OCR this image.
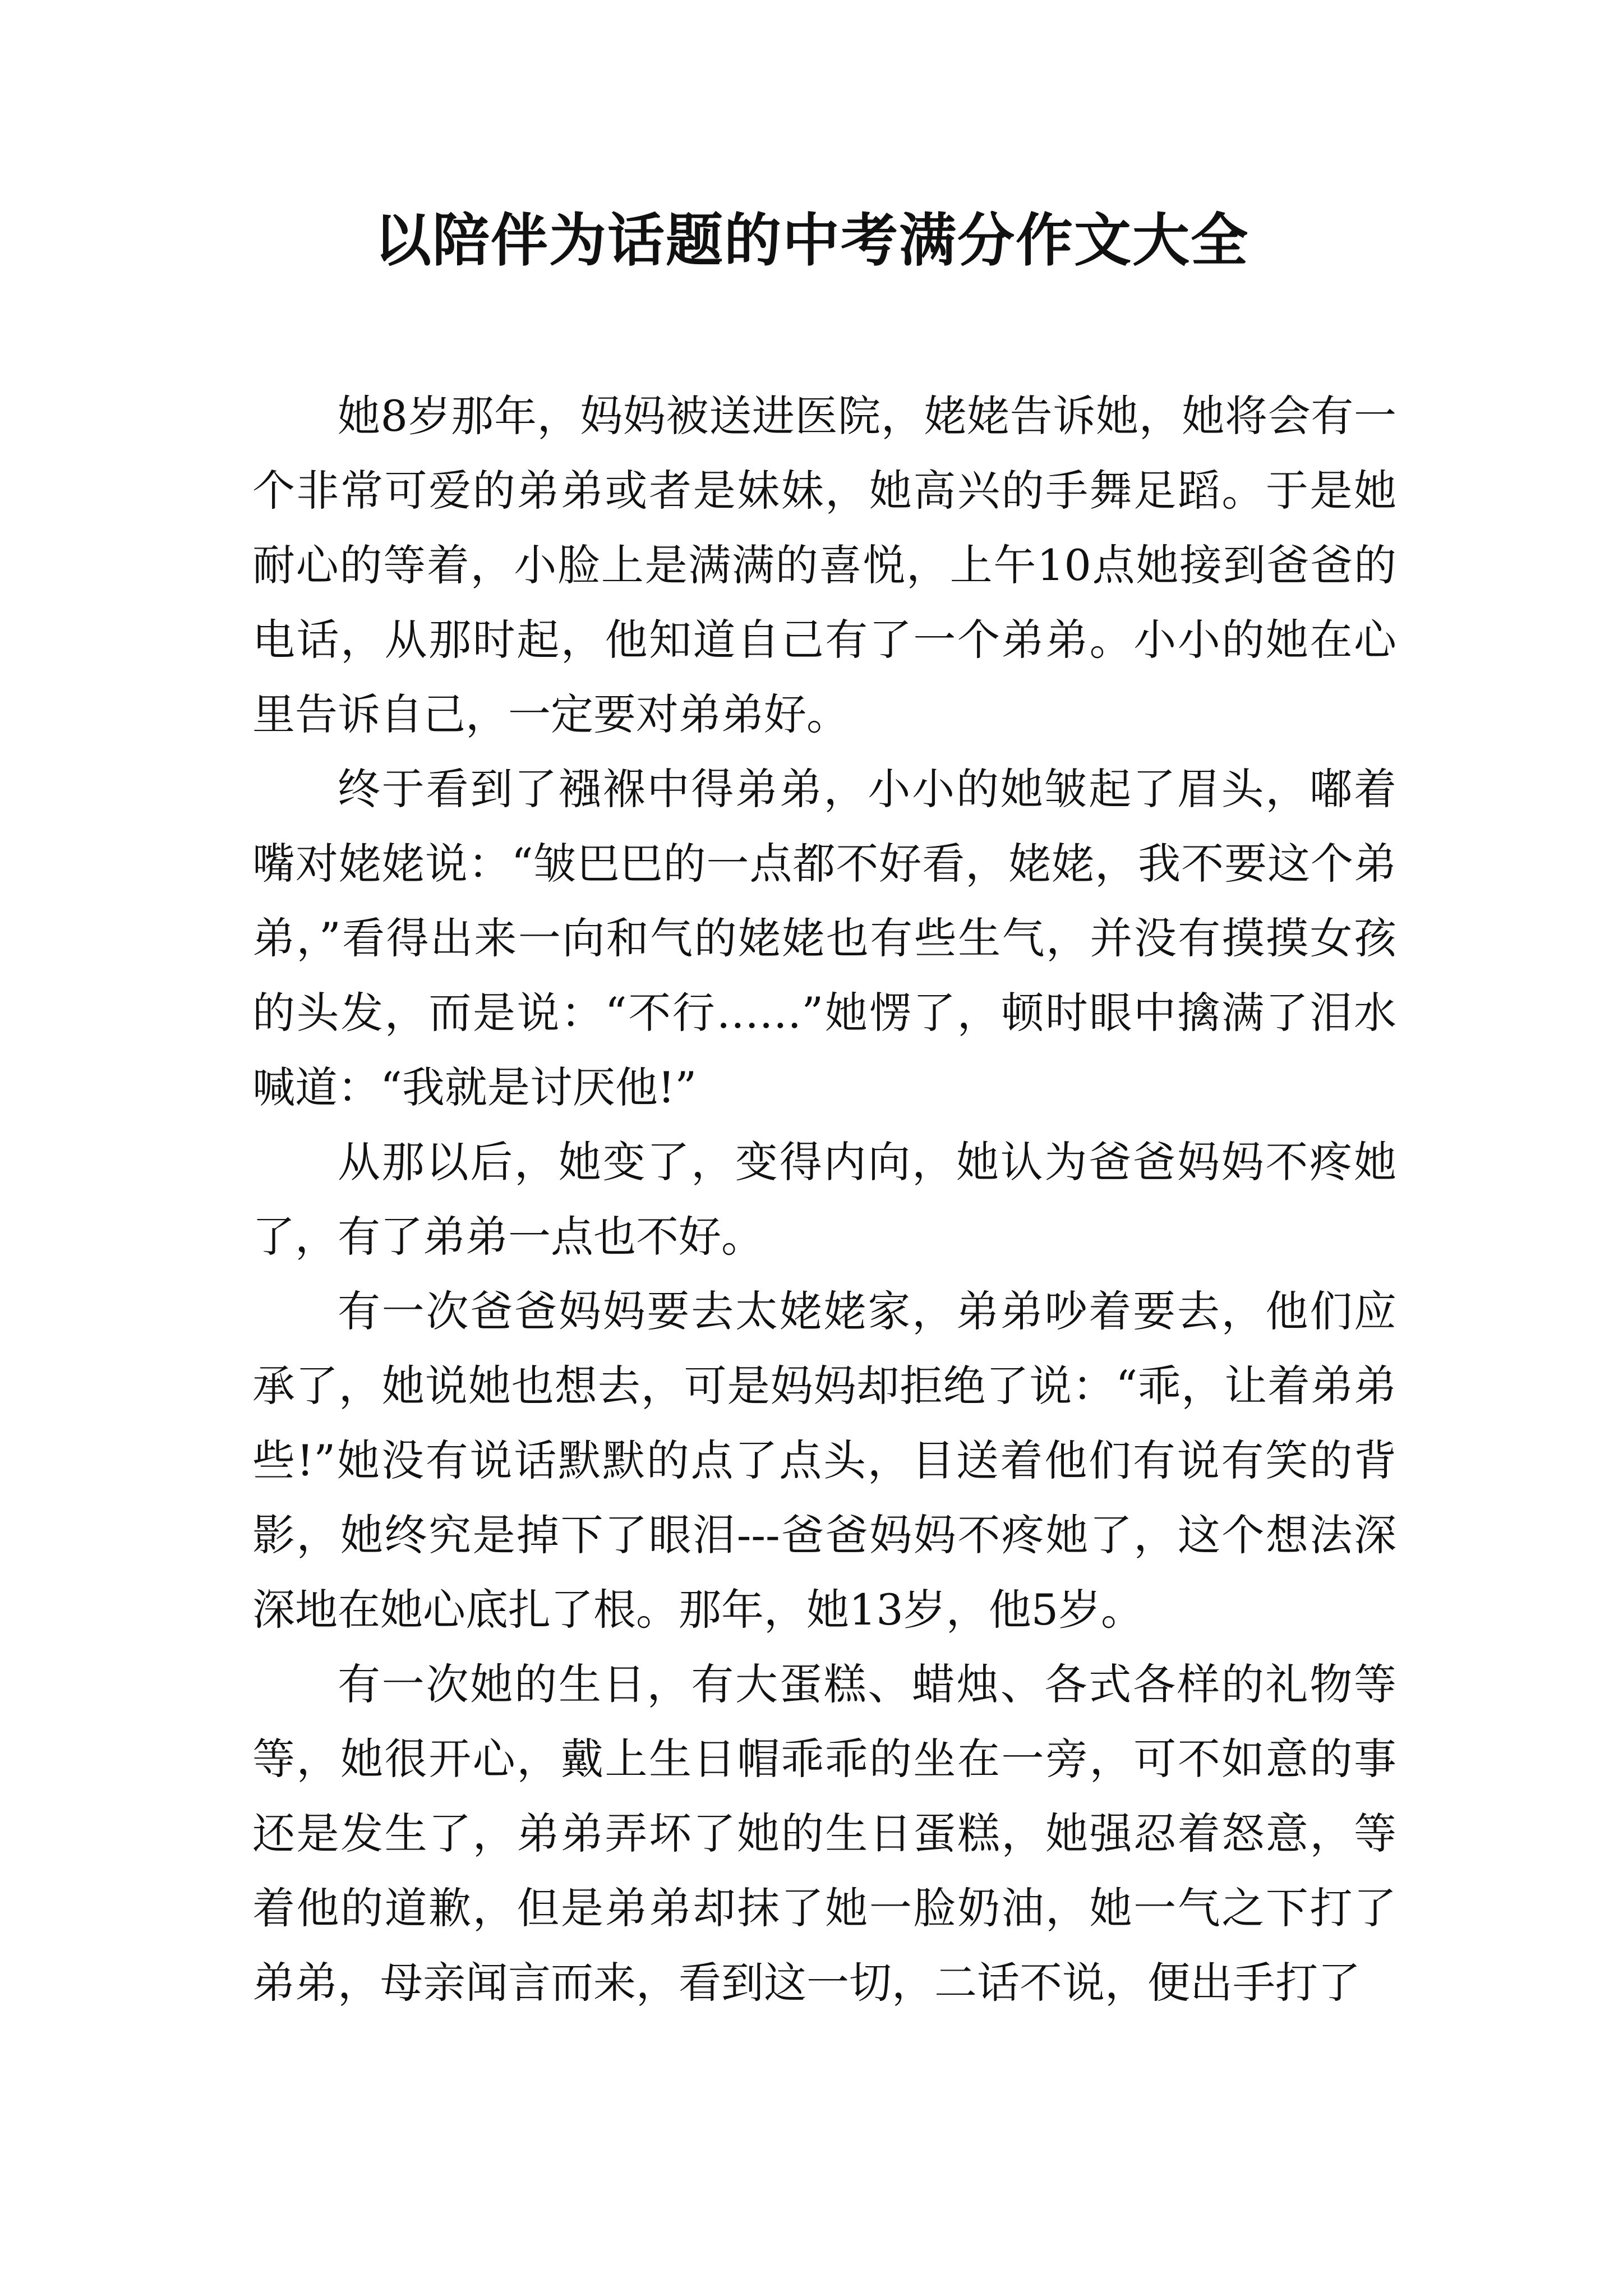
以陪伴为话题的中考满分作文大全

她8岁那年，妈妈被送进医院，姥姥告诉她，她将会有一个非常可爱的弟弟或者是妹妹，她高兴的手舞足蹈。于是她耐心的等着，小脸上是满满的喜悦，上午10点她接到爸爸的电话，从那时起，他知道自己有了一个弟弟。小小的她在心里告诉自己，一定要对弟弟好。

终于看到了襁褓中得弟弟，小小的她皱起了眉头，嘟着嘴对姥姥说：“皱巴巴的一点都不好看，姥姥，我不要这个弟弟，”看得出来一向和气的姥姥也有些生气，并没有摸摸女孩的头发，而是说：“不行……”她愣了，顿时眼中擒满了泪水喊道：“我就是讨厌他!”

从那以后，她变了，变得内向，她认为爸爸妈妈不疼她了，有了弟弟一点也不好。

有一次爸爸妈妈要去太姥姥家，弟弟吵着要去，他们应承了，她说她也想去，可是妈妈却拒绝了说：“乖，让着弟弟些!”她没有说话默默的点了点头，目送着他们有说有笑的背影，她终究是掉下了眼泪---爸爸妈妈不疼她了，这个想法深深地在她心底扎了根。那年，她13岁，他5岁。

有一次她的生日，有大蛋糕、蜡烛、各式各样的礼物等等，她很开心，戴上生日帽乖乖的坐在一旁，可不如意的事还是发生了，弟弟弄坏了她的生日蛋糕，她强忍着怒意，等着他的道歉，但是弟弟却抹了她一脸奶油，她一气之下打了弟弟，母亲闻言而来，看到这一切，二话不说，便出手打了
